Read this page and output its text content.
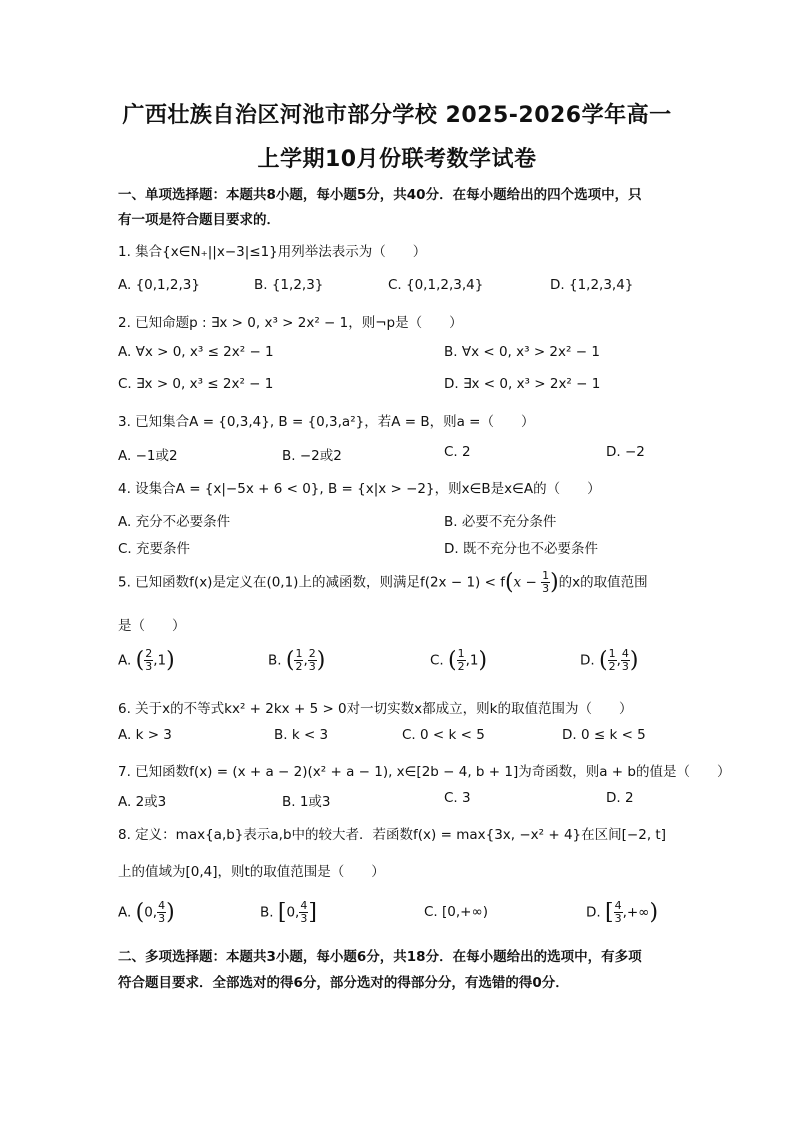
广西壮族自治区河池市部分学校 2025-2026学年高一
上学期10月份联考数学试卷
一、单项选择题：本题共8小题，每小题5分，共40分．在每小题给出的四个选项中，只
有一项是符合题目要求的．
1. 集合{x∈N₊||x−3|≤1}用列举法表示为（　　）
A. {0,1,2,3}	B. {1,2,3}	C. {0,1,2,3,4}	D. {1,2,3,4}
2. 已知命题p : ∃x > 0, x³ > 2x² − 1，则¬p是（　　）
A. ∀x > 0, x³ ≤ 2x² − 1	B. ∀x < 0, x³ > 2x² − 1
C. ∃x > 0, x³ ≤ 2x² − 1	D. ∃x < 0, x³ > 2x² − 1
3. 已知集合A = {0,3,4}, B = {0,3,a²}，若A = B，则a =（　　）
A. −1或2	B. −2或2	C. 2	D. −2
4. 设集合A = {x|−5x + 6 < 0}, B = {x|x > −2}，则x∈B是x∈A的（　　）
A. 充分不必要条件	B. 必要不充分条件
C. 充要条件	D. 既不充分也不必要条件
5. 已知函数f(x)是定义在(0,1)上的减函数，则满足$f(2x - 1) < f(x - \frac{1}{3}$ )的x的取值范围
是（　　）
A. ( $\frac{2}{3} ,1$)	B. ( $\frac{1}{2}$ , $\frac{2}{3}$ )	C. ( $\frac{1}{2} ,1$)	D. ( $\frac{1}{2}$ , $\frac{4}{3}$ )
6. 关于x的不等式kx² + 2kx + 5 > 0对一切实数x都成立，则k的取值范围为（　　）
A. k > 3	B. k < 3	C. 0 < k < 5	D. 0 ≤ k < 5
7. 已知函数f(x) = (x + a − 2)(x² + a − 1), x∈[2b − 4, b + 1]为奇函数，则a + b的值是（　　）
A. 2或3	B. 1或3	C. 3	D. 2
8. 定义：max{a,b}表示a,b中的较大者．若函数f(x) = max{3x, −x² + 4}在区间[−2, t]
上的值域为[0,4]，则t的取值范围是（　　）
A. (0, $\frac{4}{3}$ )	B. [0, $\frac{4}{3}$ ]	C. [0,+∞)	D. [ $\frac{4}{3}$ ,+∞)
二、多项选择题：本题共3小题，每小题6分，共18分．在每小题给出的选项中，有多项
符合题目要求．全部选对的得6分，部分选对的得部分分，有选错的得0分．
